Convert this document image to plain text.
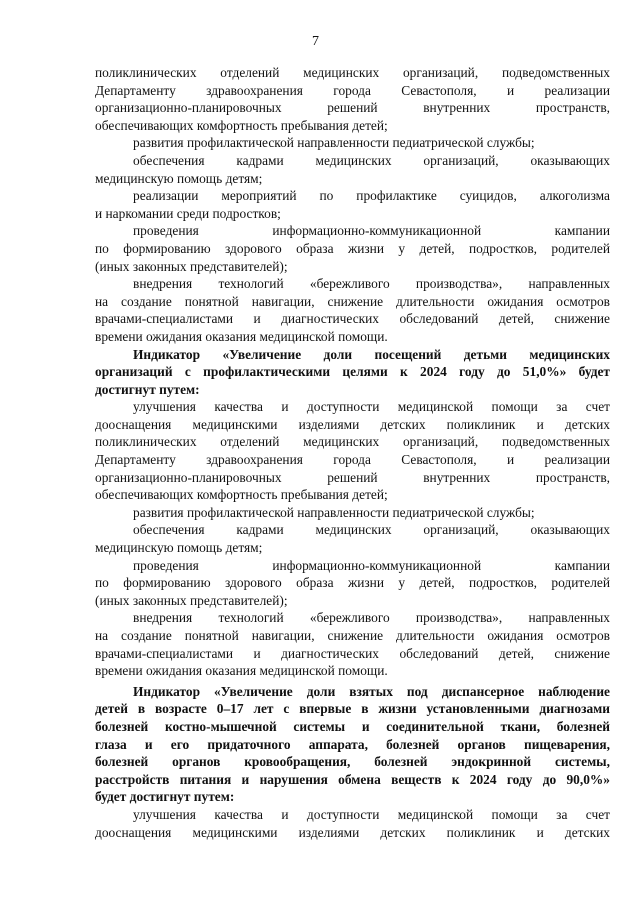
7
поликлинических отделений медицинских организаций, подведомственных
Департаменту здравоохранения города Севастополя, и реализации
организационно-планировочных решений внутренних пространств,
обеспечивающих комфортность пребывания детей;
развития профилактической направленности педиатрической службы;
обеспечения кадрами медицинских организаций, оказывающих
медицинскую помощь детям;
реализации мероприятий по профилактике суицидов, алкоголизма
и наркомании среди подростков;
проведения информационно-коммуникационной кампании
по формированию здорового образа жизни у детей, подростков, родителей
(иных законных представителей);
внедрения технологий «бережливого производства», направленных
на создание понятной навигации, снижение длительности ожидания осмотров
врачами-специалистами и диагностических обследований детей, снижение
времени ожидания оказания медицинской помощи.
Индикатор «Увеличение доли посещений детьми медицинских
организаций с профилактическими целями к 2024 году до 51,0%» будет
достигнут путем:
улучшения качества и доступности медицинской помощи за счет
дооснащения медицинскими изделиями детских поликлиник и детских
поликлинических отделений медицинских организаций, подведомственных
Департаменту здравоохранения города Севастополя, и реализации
организационно-планировочных решений внутренних пространств,
обеспечивающих комфортность пребывания детей;
развития профилактической направленности педиатрической службы;
обеспечения кадрами медицинских организаций, оказывающих
медицинскую помощь детям;
проведения информационно-коммуникационной кампании
по формированию здорового образа жизни у детей, подростков, родителей
(иных законных представителей);
внедрения технологий «бережливого производства», направленных
на создание понятной навигации, снижение длительности ожидания осмотров
врачами-специалистами и диагностических обследований детей, снижение
времени ожидания оказания медицинской помощи.
Индикатор «Увеличение доли взятых под диспансерное наблюдение
детей в возрасте 0–17 лет с впервые в жизни установленными диагнозами
болезней костно-мышечной системы и соединительной ткани, болезней
глаза и его придаточного аппарата, болезней органов пищеварения,
болезней органов кровообращения, болезней эндокринной системы,
расстройств питания и нарушения обмена веществ к 2024 году до 90,0%»
будет достигнут путем:
улучшения качества и доступности медицинской помощи за счет
дооснащения медицинскими изделиями детских поликлиник и детских
